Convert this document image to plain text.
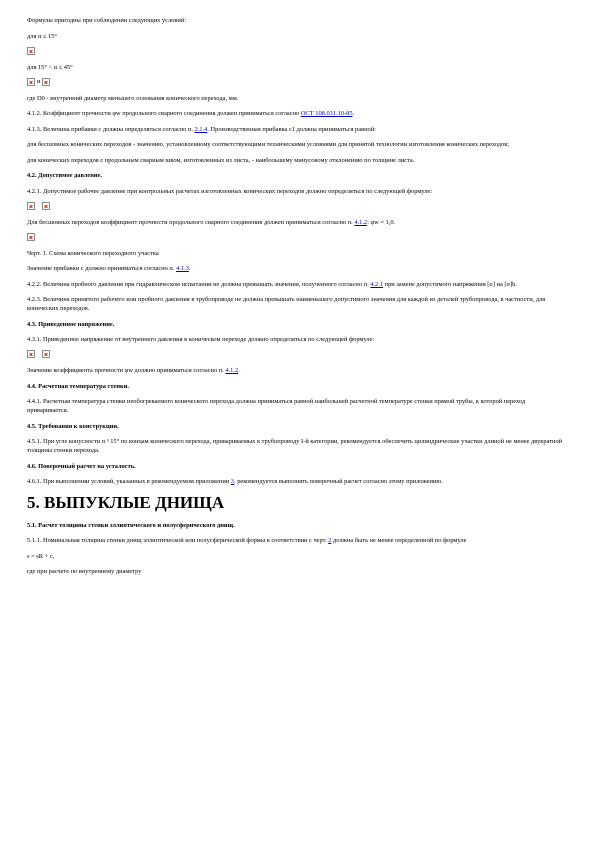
Формулы пригодны при соблюдении следующих условий:

для α ≤ 15°

для 15° < α ≤ 45°

и

где D0 - внутренний диаметр меньшего основания конического перехода, мм.

4.1.2. Коэффициент прочности φw продольного сварного соединения должен приниматься согласно ОСТ 108.031.10-85.

4.1.3. Величина прибавки с должна определяться согласно п. 2.1.4. Производственная прибавка с1 должна приниматься равной:

для бесшовных конических переходов - значению, установленному соответствующими техническими условиями для принятой технологии изготовления конических переходов;

для конических переходов с продольным сварным швом, изготовленных из листа, - наибольшему минусовому отклонению по толщине листа.

4.2. Допустимое давление.

4.2.1. Допустимое рабочее давление при контрольных расчетах изготовленных конических переходов должно определяться по следующей формуле:

Для бесшовных переходов коэффициент прочности продольного сварного соединения должен приниматься согласно п. 4.1.2: φw = 1,0.

Черт. 1. Схема конического переходного участка

Значение прибавки с должно приниматься согласно п. 4.1.3.

4.2.2. Величина пробного давления при гидравлическом испытании не должна превышать значения, полученного согласно п. 4.2.1 при замене допустимого напряжения [σ] на [σ]h.

4.2.3. Величина принятого рабочего или пробного давления в трубопроводе не должна превышать наименьшего допустимого значения для каждой из деталей трубопровода, в частности, для конических переходов.

4.3. Приведенное напряжение.

4.3.1. Приведенное напряжение от внутреннего давления в коническом переходе должно определяться по следующей формуле:

Значение коэффициента прочности φw должно приниматься согласно п. 4.1.2.

4.4. Расчетная температура стенки.

4.4.1. Расчетная температура стенки необогреваемого конического перехода должна приниматься равной наибольшей расчетной температуре стенки прямой трубы, к которой переход приваривается.

4.5. Требования к конструкции.

4.5.1. При угле конусности α ³ 15° по концам конического перехода, привариваемых к трубопроводу I-й категории, рекомендуется обеспечить цилиндрические участки длиной не менее двукратной толщины стенки перехода.

4.6. Поверочный расчет на усталость.

4.6.1. При выполнении условий, указанных в рекомендуемом приложении 3, рекомендуется выполнять поверочный расчет согласно этому приложению.

5. ВЫПУКЛЫЕ ДНИЩА

5.1. Расчет толщины стенки эллиптического и полусферического днищ.

5.1.1. Номинальная толщина стенки днищ эллиптической или полусферической формы в соответствии с черт. 2 должна быть не менее определенной по формуле

s = sR + c,

где при расчете по внутреннему диаметру
